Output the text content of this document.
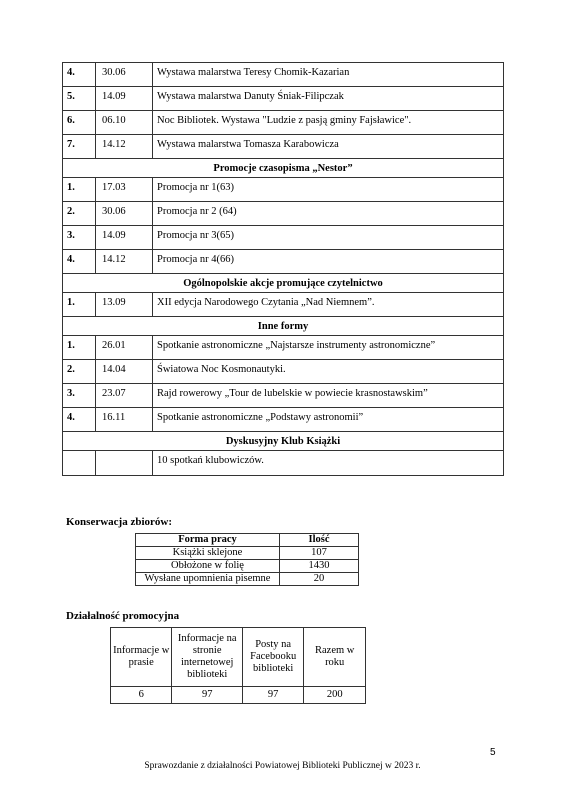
4.	30.06	Wystawa malarstwa Teresy Chomik-Kazarian

5.	14.09	Wystawa malarstwa Danuty Śniak-Filipczak

6.	06.10	Noc Bibliotek. Wystawa "Ludzie z pasją gminy Fajsławice".

7.	14.12	Wystawa malarstwa Tomasza Karabowicza

Promocje czasopisma „Nestor”		

1.	17.03	Promocja nr 1(63)

2.	30.06	Promocja nr 2 (64)

3.	14.09	Promocja nr 3(65)

4.	14.12	Promocja nr 4(66)

Ogólnopolskie akcje promujące czytelnictwo		

1.	13.09	XII edycja Narodowego Czytania „Nad Niemnem”.

Inne formy		

1.	26.01	Spotkanie astronomiczne „Najstarsze instrumenty astronomiczne”

2.	14.04	Światowa Noc Kosmonautyki.

3.	23.07	Rajd rowerowy „Tour de lubelskie w powiecie krasnostawskim”

4.	16.11	Spotkanie astronomiczne „Podstawy astronomii”

Dyskusyjny Klub Książki		

		10 spotkań klubowiczów.
Konserwacja zbiorów:
Forma pracy	Ilość
Książki sklejone	107
Obłożone w folię	1430
Wysłane upomnienia pisemne	20
Działalność promocyjna
Informacje w prasie	Informacje na stronie internetowej biblioteki	Posty na Facebooku biblioteki	Razem w roku
6	97	97	200
5
Sprawozdanie z działalności Powiatowej Biblioteki Publicznej w 2023 r.
